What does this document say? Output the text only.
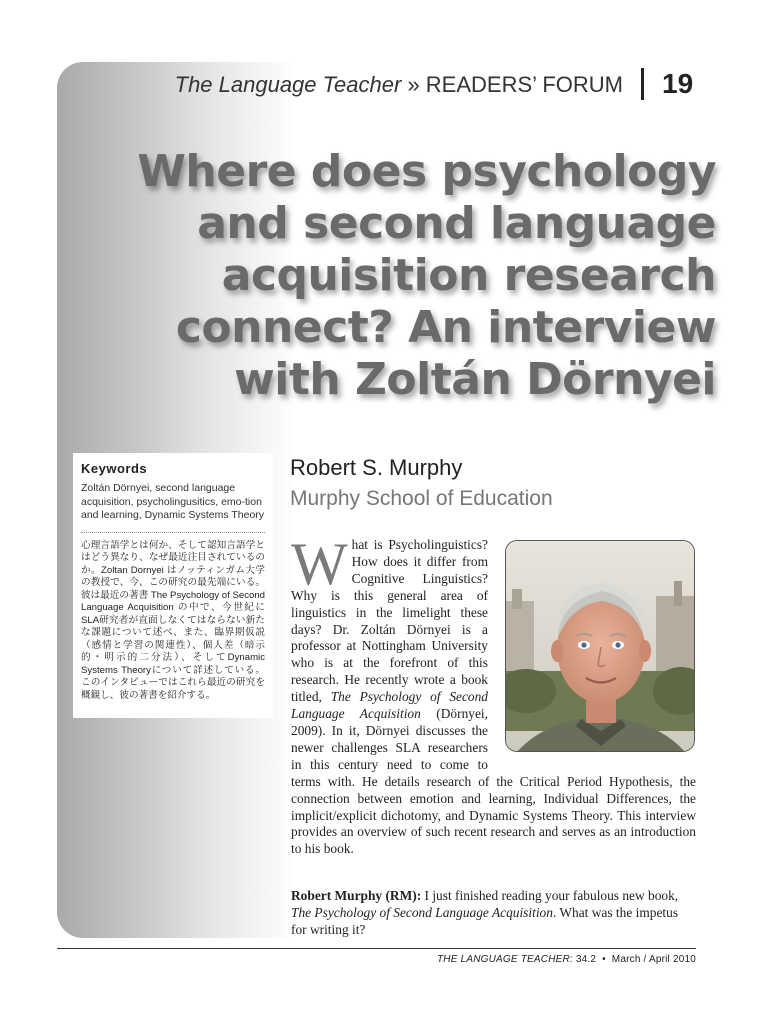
The Language Teacher » READERS’ FORUM 19
Where does psychology and second language acquisition research connect? An interview with Zoltán Dörnyei
Keywords
Zoltán Dörnyei, second language acquisition, psycholingusitics, emo-tion and learning, Dynamic Systems Theory
心理言語学とは何か、そして認知言語学とはどう異なり、なぜ最近注目されているのか。Zoltan Dornyei はノッティンガム大学の教授で、今、この研究の最先端にいる。彼は最近の著書 The Psychology of Second Language Acquisition の中で、今世紀にSLA研究者が直面しなくてはならない新たな課題について述べ、また、臨界期仮説（感情と学習の関連性）、個人差（暗示的・明示的二分法）、そしてDynamic Systems Theoryについて詳述している。このインタビューではこれら最近の研究を概観し、彼の著書を紹介する。
Robert S. Murphy
Murphy School of Education
W hat is Psycholinguistics? How does it differ from Cognitive Linguistics? Why is this general area of linguistics in the limelight these days? Dr. Zoltán Dörnyei is a professor at Nottingham University who is at the forefront of this research. He recently wrote a book titled, The Psychology of Second Language Acquisition (Dörnyei, 2009). In it, Dörnyei discusses the newer challenges SLA researchers in this century need to come to terms with. He details research of the Critical Period Hypothesis, the connection between emotion and learning, Individual Differences, the implicit/explicit dichotomy, and Dynamic Systems Theory. This interview provides an overview of such recent research and serves as an introduction to his book.
Robert Murphy (RM): I just finished reading your fabulous new book, The Psychology of Second Language Acquisition. What was the impetus for writing it?
THE LANGUAGE TEACHER: 34.2 • March / April 2010
